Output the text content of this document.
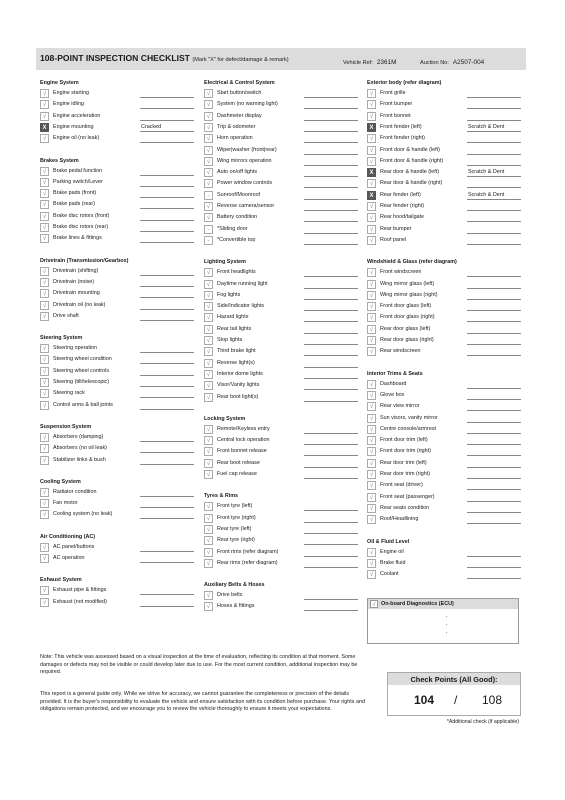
108-POINT INSPECTION CHECKLIST (Mark "X" for defect/damage & remark)	Vehicle Ref: 2361M	Auction No: A2507-004
Engine System
√	Engine starting
√	Engine idling
√	Engine acceleration
X	Engine mounting	Cracked
√	Engine oil (no leak)
Brakes System
√	Brake pedal function
√	Parking switch/Lever
√	Brake pads (front)
√	Brake pads (rear)
√	Brake disc rotors (front)
√	Brake disc rotors (rear)
√	Brake lines & fittings
Drivetrain (Transmission/Gearbox)
√	Drivetrain (shifting)
√	Drivetrain (noise)
√	Drivetrain mounting
√	Drivetrain oil (no leak)
√	Drive shaft
Steering System
√	Steering operation
√	Steering wheel condition
√	Steering wheel controls
√	Steering (tilt/telescopic)
√	Steering rack
√	Control arms & ball joints
Suspension System
√	Absorbers (damping)
√	Absorbers (no oil leak)
√	Stabilizer links & bush
Cooling System
√	Radiator condition
√	Fan motor
√	Cooling system (no leak)
Air Conditioning (AC)
√	AC panel/buttons
√	AC operation
Exhaust System
√	Exhaust pipe & fittings
√	Exhaust (not modified)
Electrical & Control System
√	Start button/switch
√	System (no warning light)
√	Dashmeter display
√	Trip & odometer
√	Horn operation
√	Wiper|washer (front|rear)
√	Wing mirrors operation
√	Auto on/off lights
√	Power window controls
-	Sunroof/Moonroof
√	Reverse camera/sensor
√	Battery condition
-	*Sliding door
-	*Convertible top
Lighting System
√	Front headlights
√	Daytime running light
√	Fog lights
√	Side/Indicator lights
√	Hazard lights
√	Rear tail lights
√	Stop lights
√	Third brake light
√	Reverse light(s)
√	Interior dome lights
√	Visor/Vanity lights
√	Rear boot light(s)
Locking System
√	Remote/Keyless entry
√	Central lock operation
√	Front bonnet release
√	Rear boot release
√	Fuel cap release
Tyres & Rims
√	Front tyre (left)
√	Front tyre (right)
√	Rear tyre (left)
√	Rear tyre (right)
√	Front rims (refer diagram)
√	Rear rims (refer diagram)
Auxiliary Belts & Hoses
√	Drive belts
√	Hoses & fittings
Exterior body (refer diagram)
√	Front grille
√	Front bumper
√	Front bonnet
X	Front fender (left)	Scratch & Dent
√	Front fender (right)
√	Front door & handle (left)
√	Front door & handle (right)
X	Rear door & handle (left)	Scratch & Dent
√	Rear door & handle (right)
X	Rear fender (left)	Scratch & Dent
√	Rear fender (right)
√	Rear hood/tailgate
√	Rear bumper
√	Roof panel
Windshield & Glass (refer diagram)
√	Front windscreen
√	Wing mirror glass (left)
√	Wing mirror glass (right)
√	Front door glass (left)
√	Front door glass (right)
√	Rear door glass (left)
√	Rear door glass (right)
√	Rear windscreen
Interior Trims & Seats
√	Dashboard
√	Glove box
√	Rear view mirror
√	Sun visors, vanity mirror
√	Centre console/armrest
√	Front door trim (left)
√	Front door trim (right)
√	Rear door trim (left)
√	Rear door trim (right)
√	Front seat (driver)
√	Front seat (passenger)
√	Rear seats condition
√	Roof/Headlining
Oil & Fluid Level
√	Engine oil
√	Brake fluid
√	Coolant
√	On-board Diagnostics (ECU)
Note: This vehicle was assessed based on a visual inspection at the time of evaluation, reflecting its condition at that moment. Some damages or defects may not be visible or could develop later due to use. For the most current condition, additional inspection may be required.
This report is a general guide only. While we strive for accuracy, we cannot guarantee the completeness or precision of the details provided. It is the buyer's responsibility to evaluate the vehicle and ensure satisfaction with its condition before purchase. Your rights and obligations remain protected, and we encourage you to review the vehicle thoroughly to ensure it meets your expectations.
Check Points (All Good):
104 / 108
*Additional check (if applicable)
